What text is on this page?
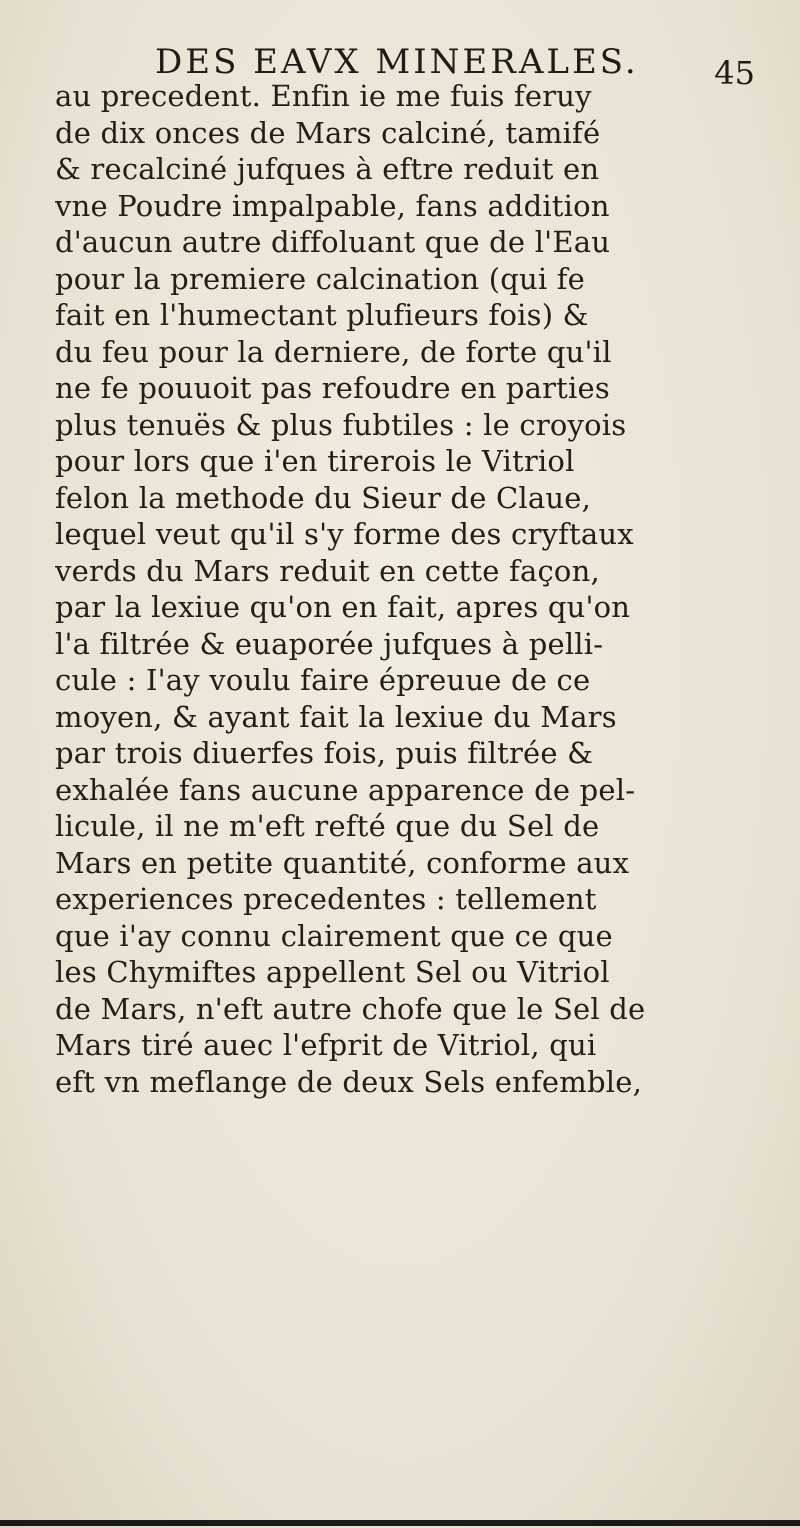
DES EAVX MINERALES. 45
au precedent. Enfin ie me fuis feruy
de dix onces de Mars calciné, tamifé
& recalciné jufques à eftre reduit en
vne Poudre impalpable, fans addition
d'aucun autre diffoluant que de l'Eau
pour la premiere calcination (qui fe
fait en l'humectant plufieurs fois) &
du feu pour la derniere, de forte qu'il
ne fe pouuoit pas refoudre en parties
plus tenuës & plus fubtiles : le croyois
pour lors que i'en tirerois le Vitriol
felon la methode du Sieur de Claue,
lequel veut qu'il s'y forme des cryftaux
verds du Mars reduit en cette façon,
par la lexiue qu'on en fait, apres qu'on
l'a filtrée & euaporée jufques à pelli-
cule : I'ay voulu faire épreuue de ce
moyen, & ayant fait la lexiue du Mars
par trois diuerfes fois, puis filtrée &
exhalée fans aucune apparence de pel-
licule, il ne m'eft refté que du Sel de
Mars en petite quantité, conforme aux
experiences precedentes : tellement
que i'ay connu clairement que ce que
les Chymiftes appellent Sel ou Vitriol
de Mars, n'eft autre chofe que le Sel de
Mars tiré auec l'efprit de Vitriol, qui
eft vn meflange de deux Sels enfemble,
